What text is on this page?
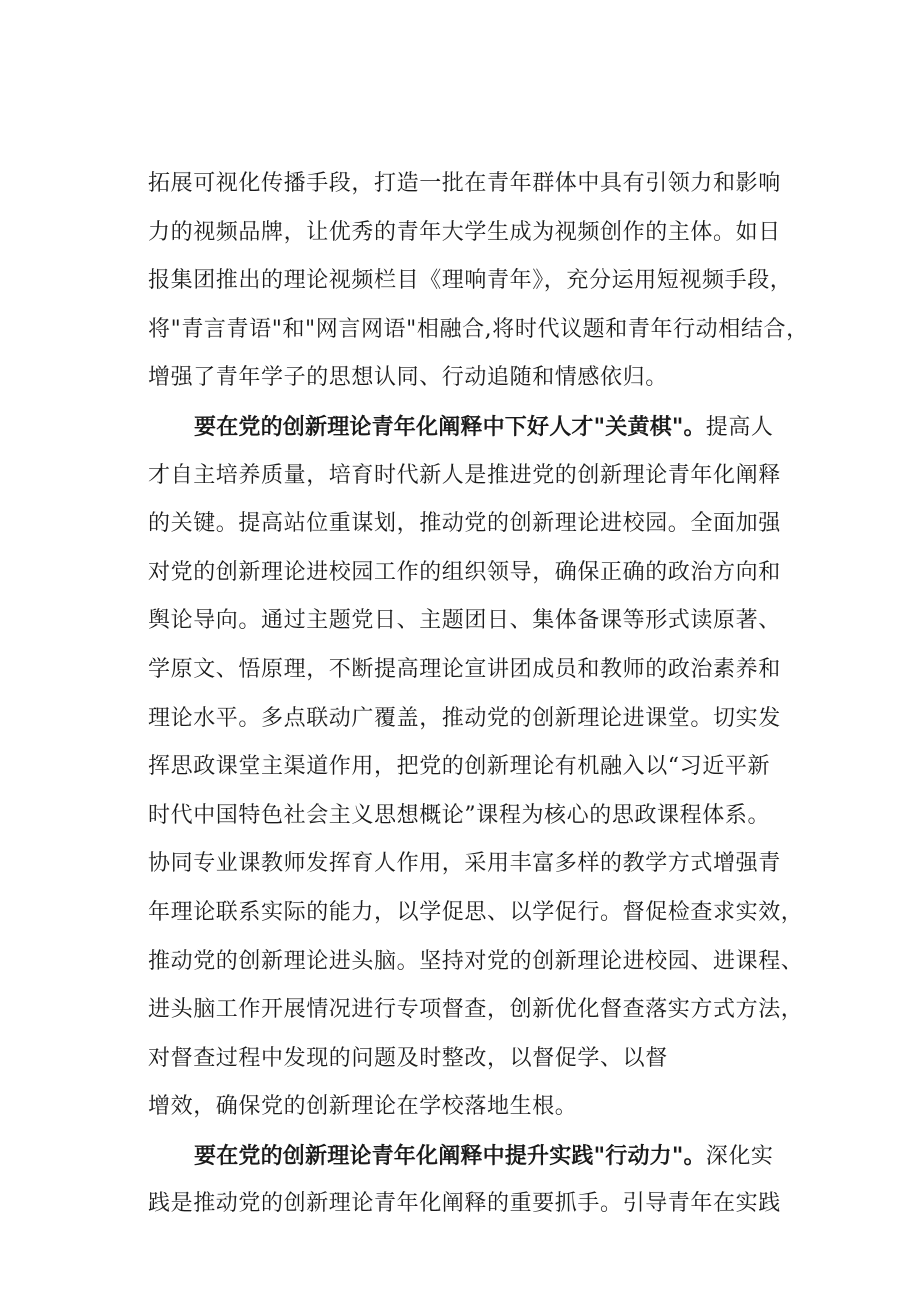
拓展可视化传播手段，打造一批在青年群体中具有引领力和影响
力的视频品牌，让优秀的青年大学生成为视频创作的主体。如日
报集团推出的理论视频栏目《理响青年》，充分运用短视频手段，
将"青言青语"和"网言网语"相融合,将时代议题和青年行动相结合，
增强了青年学子的思想认同、行动追随和情感依归。
要在党的创新理论青年化阐释中下好人才"关黄棋"。提高人
才自主培养质量，培育时代新人是推进党的创新理论青年化阐释
的关键。提高站位重谋划，推动党的创新理论进校园。全面加强
对党的创新理论进校园工作的组织领导，确保正确的政治方向和
舆论导向。通过主题党日、主题团日、集体备课等形式读原著、
学原文、悟原理，不断提高理论宣讲团成员和教师的政治素养和
理论水平。多点联动广覆盖，推动党的创新理论进课堂。切实发
挥思政课堂主渠道作用，把党的创新理论有机融入以“习近平新
时代中国特色社会主义思想概论”课程为核心的思政课程体系。
协同专业课教师发挥育人作用，采用丰富多样的教学方式增强青
年理论联系实际的能力，以学促思、以学促行。督促检查求实效，
推动党的创新理论进头脑。坚持对党的创新理论进校园、进课程、
进头脑工作开展情况进行专项督查，创新优化督查落实方式方法，
对督查过程中发现的问题及时整改，以督促学、以督
增效，确保党的创新理论在学校落地生根。
要在党的创新理论青年化阐释中提升实践"行动力"。深化实
践是推动党的创新理论青年化阐释的重要抓手。引导青年在实践
